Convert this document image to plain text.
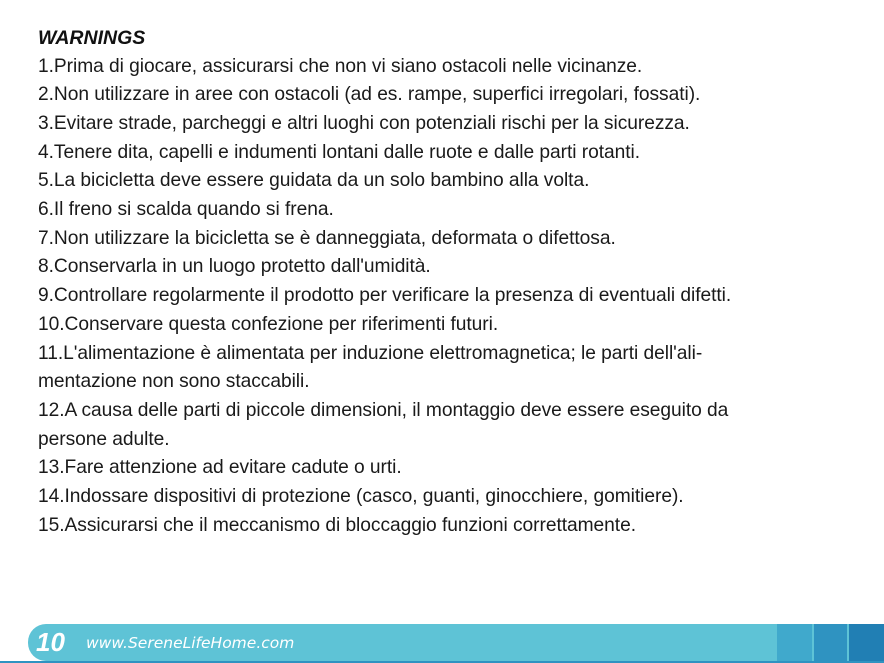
WARNINGS
1.Prima di giocare, assicurarsi che non vi siano ostacoli nelle vicinanze.
2.Non utilizzare in aree con ostacoli (ad es. rampe, superfici irregolari, fossati).
3.Evitare strade, parcheggi e altri luoghi con potenziali rischi per la sicurezza.
4.Tenere dita, capelli e indumenti lontani dalle ruote e dalle parti rotanti.
5.La bicicletta deve essere guidata da un solo bambino alla volta.
6.Il freno si scalda quando si frena.
7.Non utilizzare la bicicletta se è danneggiata, deformata o difettosa.
8.Conservarla in un luogo protetto dall'umidità.
9.Controllare regolarmente il prodotto per verificare la presenza di eventuali difetti.
10.Conservare questa confezione per riferimenti futuri.
11.L'alimentazione è alimentata per induzione elettromagnetica; le parti dell'ali-
mentazione non sono staccabili.
12.A causa delle parti di piccole dimensioni, il montaggio deve essere eseguito da
persone adulte.
13.Fare attenzione ad evitare cadute o urti.
14.Indossare dispositivi di protezione (casco, guanti, ginocchiere, gomitiere).
15.Assicurarsi che il meccanismo di bloccaggio funzioni correttamente.
10 www.SereneLifeHome.com
